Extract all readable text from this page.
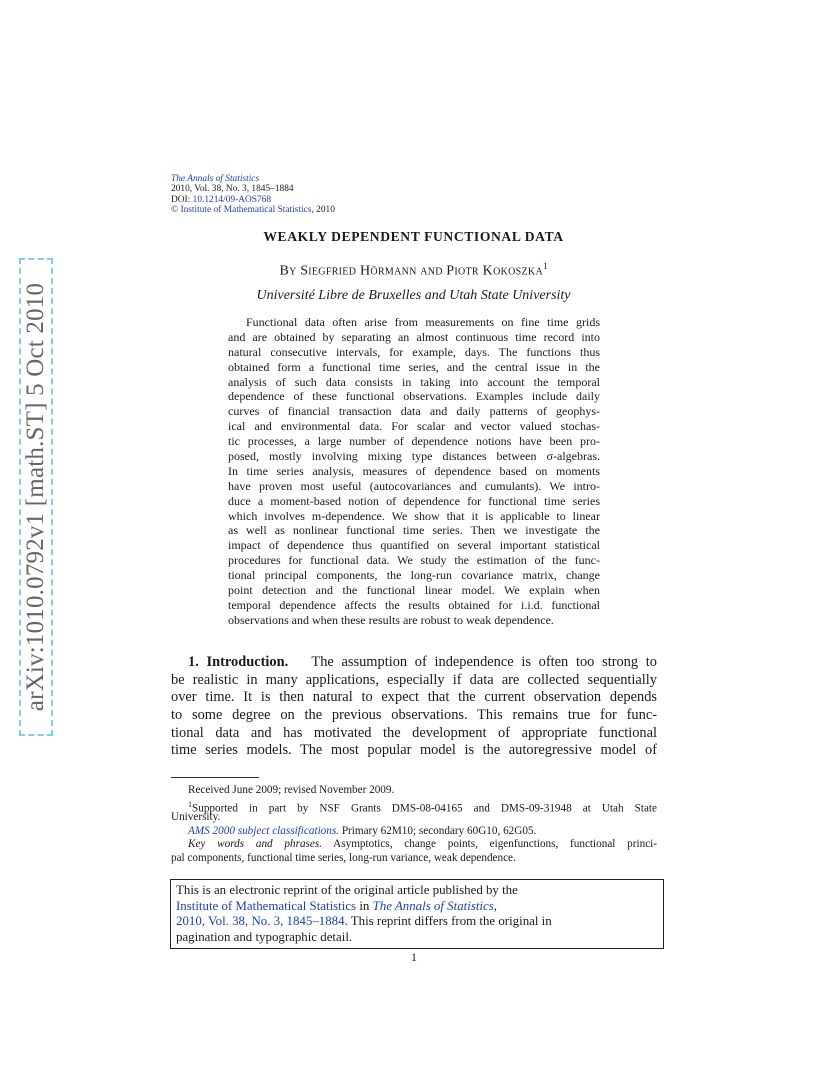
arXiv:1010.0792v1 [math.ST] 5 Oct 2010
The Annals of Statistics
2010, Vol. 38, No. 3, 1845–1884
DOI: 10.1214/09-AOS768
© Institute of Mathematical Statistics, 2010
WEAKLY DEPENDENT FUNCTIONAL DATA
By Siegfried Hörmann and Piotr Kokoszka$^1$
Université Libre de Bruxelles and Utah State University
Functional data often arise from measurements on fine time grids
and are obtained by separating an almost continuous time record into
natural consecutive intervals, for example, days. The functions thus
obtained form a functional time series, and the central issue in the
analysis of such data consists in taking into account the temporal
dependence of these functional observations. Examples include daily
curves of financial transaction data and daily patterns of geophys-
ical and environmental data. For scalar and vector valued stochas-
tic processes, a large number of dependence notions have been pro-
posed, mostly involving mixing type distances between σ-algebras.
In time series analysis, measures of dependence based on moments
have proven most useful (autocovariances and cumulants). We intro-
duce a moment-based notion of dependence for functional time series
which involves m-dependence. We show that it is applicable to linear
as well as nonlinear functional time series. Then we investigate the
impact of dependence thus quantified on several important statistical
procedures for functional data. We study the estimation of the func-
tional principal components, the long-run covariance matrix, change
point detection and the functional linear model. We explain when
temporal dependence affects the results obtained for i.i.d. functional
observations and when these results are robust to weak dependence.
1. Introduction. The assumption of independence is often too strong to
be realistic in many applications, especially if data are collected sequentially
over time. It is then natural to expect that the current observation depends
to some degree on the previous observations. This remains true for func-
tional data and has motivated the development of appropriate functional
time series models. The most popular model is the autoregressive model of
Received June 2009; revised November 2009.
$^1$Supported in part by NSF Grants DMS-08-04165 and DMS-09-31948 at Utah State
University.
AMS 2000 subject classifications. Primary 62M10; secondary 60G10, 62G05.
Key words and phrases. Asymptotics, change points, eigenfunctions, functional princi-
pal components, functional time series, long-run variance, weak dependence.
This is an electronic reprint of the original article published by the
Institute of Mathematical Statistics in The Annals of Statistics,
2010, Vol. 38, No. 3, 1845–1884. This reprint differs from the original in
pagination and typographic detail.
1
